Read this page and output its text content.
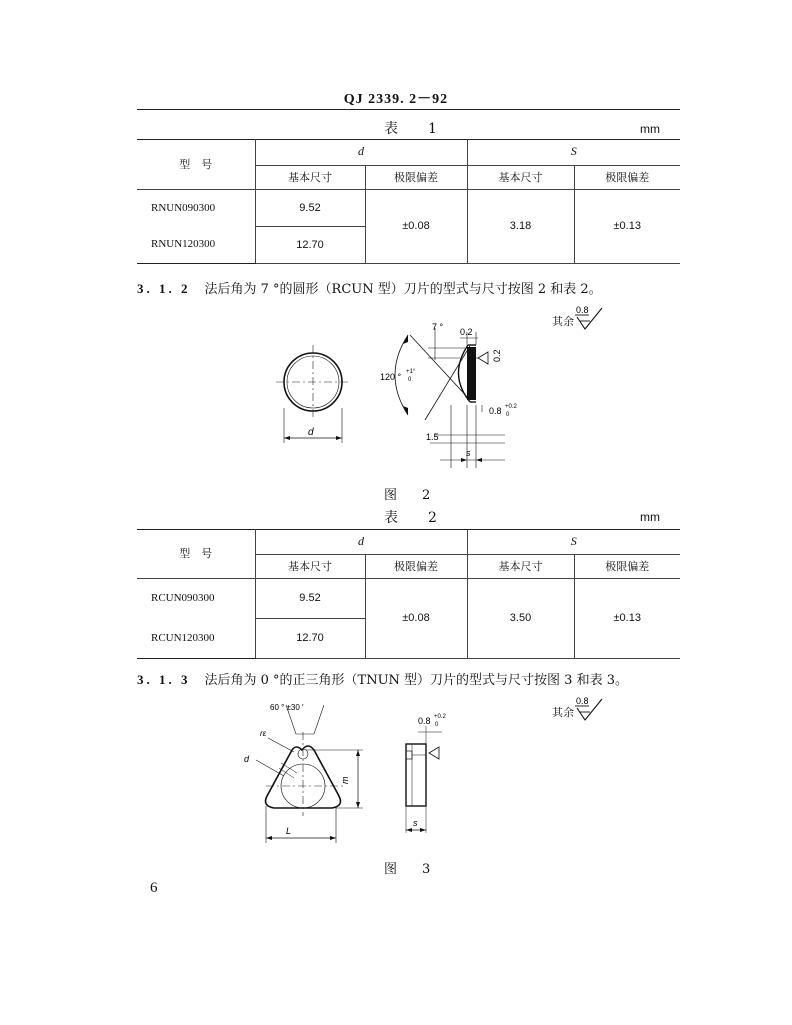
QJ 2339. 2－92
表　1	mm
型　号	d		S	
	基本尺寸	极限偏差	基本尺寸	极限偏差
RNUN090300	9.52	±0.08	3.18	±0.13
RNUN120300	12.70			
3. 1. 2 法后角为 7 °的圆形（RCUN 型）刀片的型式与尺寸按图 2 和表 2。
其余
0.8
d
7 ° 0.2
0.2
120 ° +1°
0
0.8 +0.2
0
1.5
s
图　2
表　2	mm
型　号	d		S	
	基本尺寸	极限偏差	基本尺寸	极限偏差
RCUN090300	9.52	±0.08	3.50	±0.13
RCUN120300	12.70			
3. 1. 3 法后角为 0 °的正三角形（TNUN 型）刀片的型式与尺寸按图 3 和表 3。
其余
0.8
60 ° ±30 ′
rε
d
m
L
0.8 +0.2
0
s
图　3
6
